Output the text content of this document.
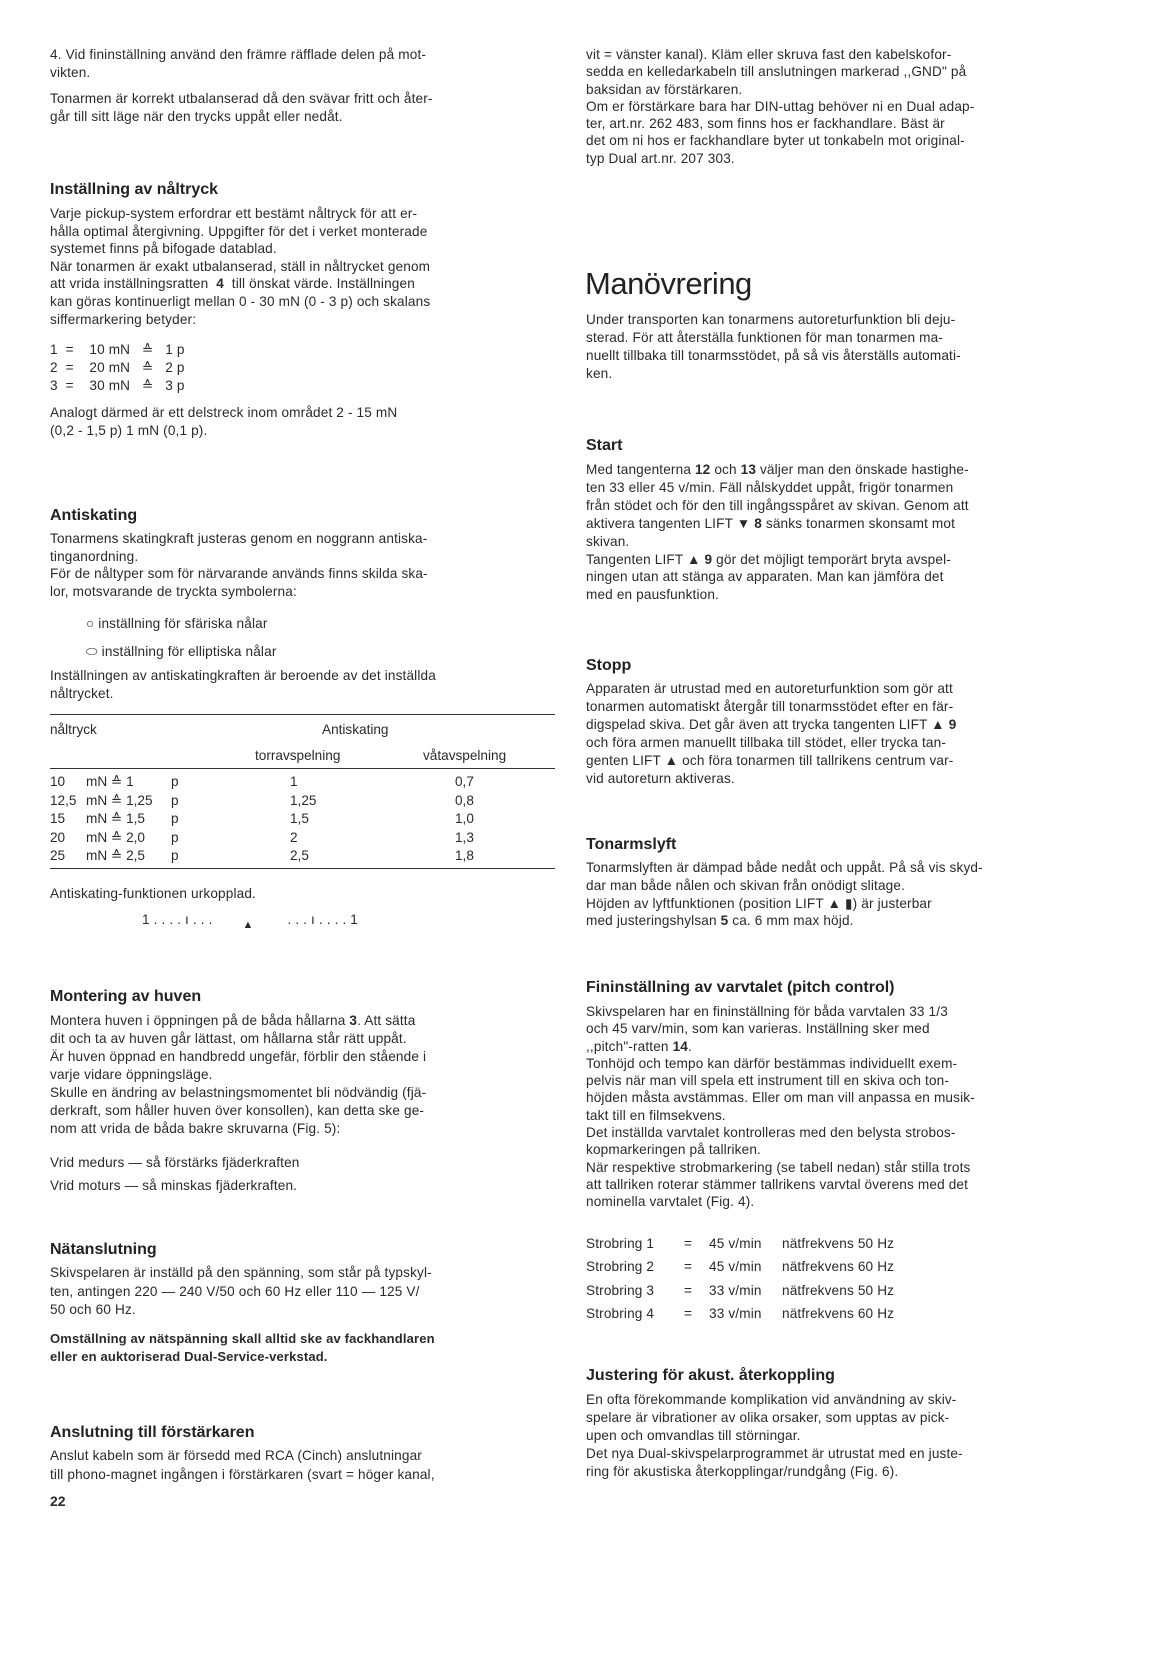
4. Vid fininställning använd den främre räfflade delen på mot-
vikten.
Tonarmen är korrekt utbalanserad då den svävar fritt och åter-
går till sitt läge när den trycks uppåt eller nedåt.
Inställning av nåltryck
Varje pickup-system erfordrar ett bestämt nåltryck för att er-
hålla optimal återgivning. Uppgifter för det i verket monterade
systemet finns på bifogade datablad.
När tonarmen är exakt utbalanserad, ställ in nåltrycket genom
att vrida inställningsratten  4  till önskat värde. Inställningen
kan göras kontinuerligt mellan 0 - 30 mN (0 - 3 p) och skalans
siffermarkering betyder:
1  =    10 mN   ≙   1 p
2  =    20 mN   ≙   2 p
3  =    30 mN   ≙   3 p
Analogt därmed är ett delstreck inom området 2 - 15 mN
(0,2 - 1,5 p) 1 mN (0,1 p).
Antiskating
Tonarmens skatingkraft justeras genom en noggrann antiska-
tinganordning.
För de nåltyper som för närvarande används finns skilda ska-
lor, motsvarande de tryckta symbolerna:
○ inställning för sfäriska nålar
⬭ inställning för elliptiska nålar
Inställningen av antiskatingkraften är beroende av det inställda
nåltrycket.
nåltryck	Antiskating
torravspelning	våtavspelning
10 mN ≙ 1	p	1	0,7
12,5 mN ≙ 1,25 p	1,25	0,8
15 mN ≙ 1,5 p	1,5	1,0
20 mN ≙ 2,0 p	2	1,3
25 mN ≙ 2,5 p	2,5	1,8
Antiskating-funktionen urkopplad.
1 . . . . ı . . .	$_▲$ . . . ı . . . . 1
Montering av huven
Montera huven i öppningen på de båda hållarna 3. Att sätta
dit och ta av huven går lättast, om hållarna står rätt uppåt.
Är huven öppnad en handbredd ungefär, förblir den stående i
varje vidare öppningsläge.
Skulle en ändring av belastningsmomentet bli nödvändig (fjä-
derkraft, som håller huven över konsollen), kan detta ske ge-
nom att vrida de båda bakre skruvarna (Fig. 5):
Vrid medurs — så förstärks fjäderkraften
Vrid moturs — så minskas fjäderkraften.
Nätanslutning
Skivspelaren är inställd på den spänning, som står på typskyl-
ten, antingen 220 — 240 V/50 och 60 Hz eller 110 — 125 V/
50 och 60 Hz.
Omställning av nätspänning skall alltid ske av fackhandlaren
eller en auktoriserad Dual-Service-verkstad.
Anslutning till förstärkaren
Anslut kabeln som är försedd med RCA (Cinch) anslutningar
till phono-magnet ingången i förstärkaren (svart = höger kanal,
22
vit = vänster kanal). Kläm eller skruva fast den kabelskofor-
sedda en kelledarkabeln till anslutningen markerad ,,GND" på
baksidan av förstärkaren.
Om er förstärkare bara har DIN-uttag behöver ni en Dual adap-
ter, art.nr. 262 483, som finns hos er fackhandlare. Bäst är
det om ni hos er fackhandlare byter ut tonkabeln mot original-
typ Dual art.nr. 207 303.
Manövrering
Under transporten kan tonarmens autoreturfunktion bli deju-
sterad. För att återställa funktionen för man tonarmen ma-
nuellt tillbaka till tonarmsstödet, på så vis återställs automati-
ken.
Start
Med tangenterna 12 och 13 väljer man den önskade hastighe-
ten 33 eller 45 v/min. Fäll nålskyddet uppåt, frigör tonarmen
från stödet och för den till ingångsspåret av skivan. Genom att
aktivera tangenten LIFT ▼ 8 sänks tonarmen skonsamt mot
skivan.
Tangenten LIFT ▲ 9 gör det möjligt temporärt bryta avspel-
ningen utan att stänga av apparaten. Man kan jämföra det
med en pausfunktion.
Stopp
Apparaten är utrustad med en autoreturfunktion som gör att
tonarmen automatiskt återgår till tonarmsstödet efter en fär-
digspelad skiva. Det går även att trycka tangenten LIFT ▲ 9
och föra armen manuellt tillbaka till stödet, eller trycka tan-
genten LIFT ▲ och föra tonarmen till tallrikens centrum var-
vid autoreturn aktiveras.
Tonarmslyft
Tonarmslyften är dämpad både nedåt och uppåt. På så vis skyd-
dar man både nålen och skivan från onödigt slitage.
Höjden av lyftfunktionen (position LIFT ▲ ▮) är justerbar
med justeringshylsan 5 ca. 6 mm max höjd.
Fininställning av varvtalet (pitch control)
Skivspelaren har en fininställning för båda varvtalen 33 1/3
och 45 varv/min, som kan varieras. Inställning sker med
,,pitch"-ratten 14.
Tonhöjd och tempo kan därför bestämmas individuellt exem-
pelvis när man vill spela ett instrument till en skiva och ton-
höjden måsta avstämmas. Eller om man vill anpassa en musik-
takt till en filmsekvens.
Det inställda varvtalet kontrolleras med den belysta strobos-
kopmarkeringen på tallriken.
När respektive strobmarkering (se tabell nedan) står stilla trots
att tallriken roterar stämmer tallrikens varvtal överens med det
nominella varvtalet (Fig. 4).
Strobring 1 = 45 v/min nätfrekvens 50 Hz
Strobring 2 = 45 v/min nätfrekvens 60 Hz
Strobring 3 = 33 v/min nätfrekvens 50 Hz
Strobring 4 = 33 v/min nätfrekvens 60 Hz
Justering för akust. återkoppling
En ofta förekommande komplikation vid användning av skiv-
spelare är vibrationer av olika orsaker, som upptas av pick-
upen och omvandlas till störningar.
Det nya Dual-skivspelarprogrammet är utrustat med en juste-
ring för akustiska återkopplingar/rundgång (Fig. 6).
